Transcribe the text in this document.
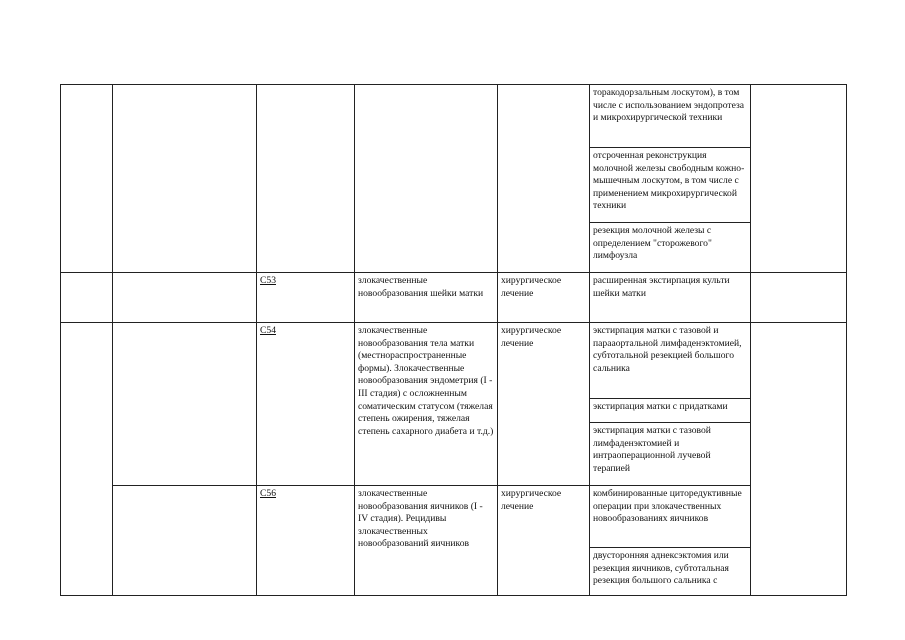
					торакодорзальным лоскутом), в том числе с использованием эндопротеза и микрохирургической техники	
					отсроченная реконструкция молочной железы свободным кожно-мышечным лоскутом, в том числе с применением микрохирургической техники	
					резекция молочной железы с определением "сторожевого" лимфоузла	
		С53	злокачественные новообразования шейки матки	хирургическое лечение	расширенная экстирпация культи шейки матки	
		С54	злокачественные новообразования тела матки (местнораспространенные формы). Злокачественные новообразования эндометрия (I - III стадия) с осложненным соматическим статусом (тяжелая степень ожирения, тяжелая степень сахарного диабета и т.д.)	хирургическое лечение	экстирпация матки с тазовой и парааортальной лимфаденэктомией, субтотальной резекцией большого сальника	
					экстирпация матки с придатками	
					экстирпация матки с тазовой лимфаденэктомией и интраоперационной лучевой терапией	
		С56	злокачественные новообразования яичников (I - IV стадия). Рецидивы злокачественных новообразований яичников	хирургическое лечение	комбинированные циторедуктивные операции при злокачественных новообразованиях яичников	
					двусторонняя аднексэктомия или резекция яичников, субтотальная резекция большого сальника с	
